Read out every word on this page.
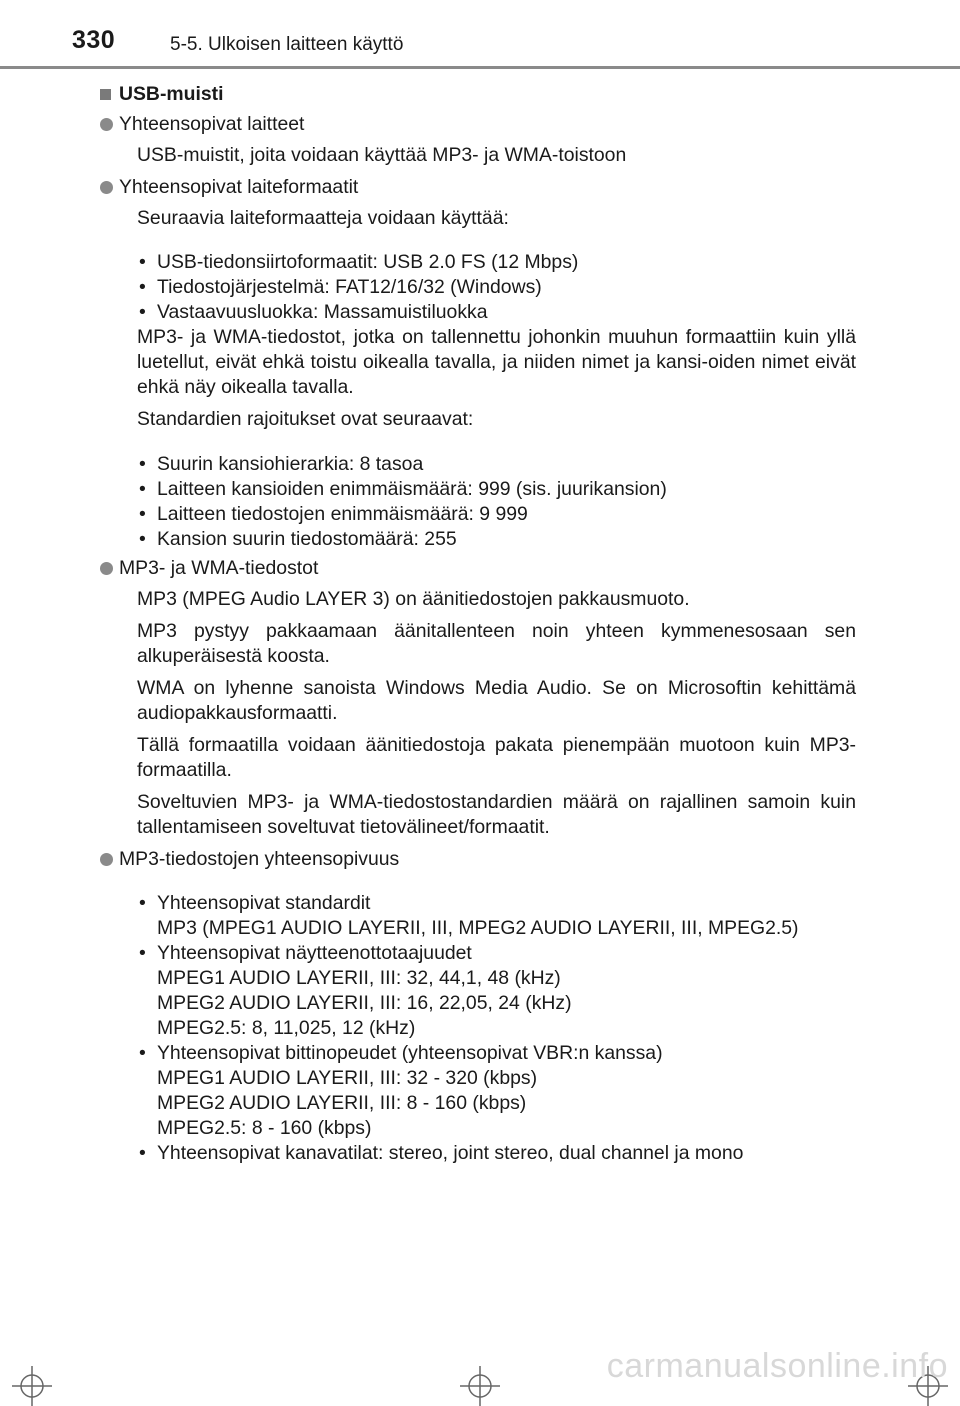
330	5-5. Ulkoisen laitteen käyttö
USB-muisti
Yhteensopivat laitteet
USB-muistit, joita voidaan käyttää MP3- ja WMA-toistoon
Yhteensopivat laiteformaatit
Seuraavia laiteformaatteja voidaan käyttää:
• USB-tiedonsiirtoformaatit: USB 2.0 FS (12 Mbps)
• Tiedostojärjestelmä: FAT12/16/32 (Windows)
• Vastaavuusluokka: Massamuistiluokka
MP3- ja WMA-tiedostot, jotka on tallennettu johonkin muuhun formaattiin kuin yllä luetellut, eivät ehkä toistu oikealla tavalla, ja niiden nimet ja kansi-oiden nimet eivät ehkä näy oikealla tavalla.
Standardien rajoitukset ovat seuraavat:
• Suurin kansiohierarkia: 8 tasoa
• Laitteen kansioiden enimmäismäärä: 999 (sis. juurikansion)
• Laitteen tiedostojen enimmäismäärä: 9 999
• Kansion suurin tiedostomäärä: 255
MP3- ja WMA-tiedostot
MP3 (MPEG Audio LAYER 3) on äänitiedostojen pakkausmuoto.
MP3 pystyy pakkaamaan äänitallenteen noin yhteen kymmenesosaan sen alkuperäisestä koosta.
WMA on lyhenne sanoista Windows Media Audio. Se on Microsoftin kehittämä audiopakkausformaatti.
Tällä formaatilla voidaan äänitiedostoja pakata pienempään muotoon kuin MP3-formaatilla.
Soveltuvien MP3- ja WMA-tiedostostandardien määrä on rajallinen samoin kuin tallentamiseen soveltuvat tietovälineet/formaatit.
MP3-tiedostojen yhteensopivuus
• Yhteensopivat standardit
MP3 (MPEG1 AUDIO LAYERII, III, MPEG2 AUDIO LAYERII, III, MPEG2.5)
• Yhteensopivat näytteenottotaajuudet
MPEG1 AUDIO LAYERII, III: 32, 44,1, 48 (kHz)
MPEG2 AUDIO LAYERII, III: 16, 22,05, 24 (kHz)
MPEG2.5: 8, 11,025, 12 (kHz)
• Yhteensopivat bittinopeudet (yhteensopivat VBR:n kanssa)
MPEG1 AUDIO LAYERII, III: 32 - 320 (kbps)
MPEG2 AUDIO LAYERII, III: 8 - 160 (kbps)
MPEG2.5: 8 - 160 (kbps)
• Yhteensopivat kanavatilat: stereo, joint stereo, dual channel ja mono
carmanualsonline.info
